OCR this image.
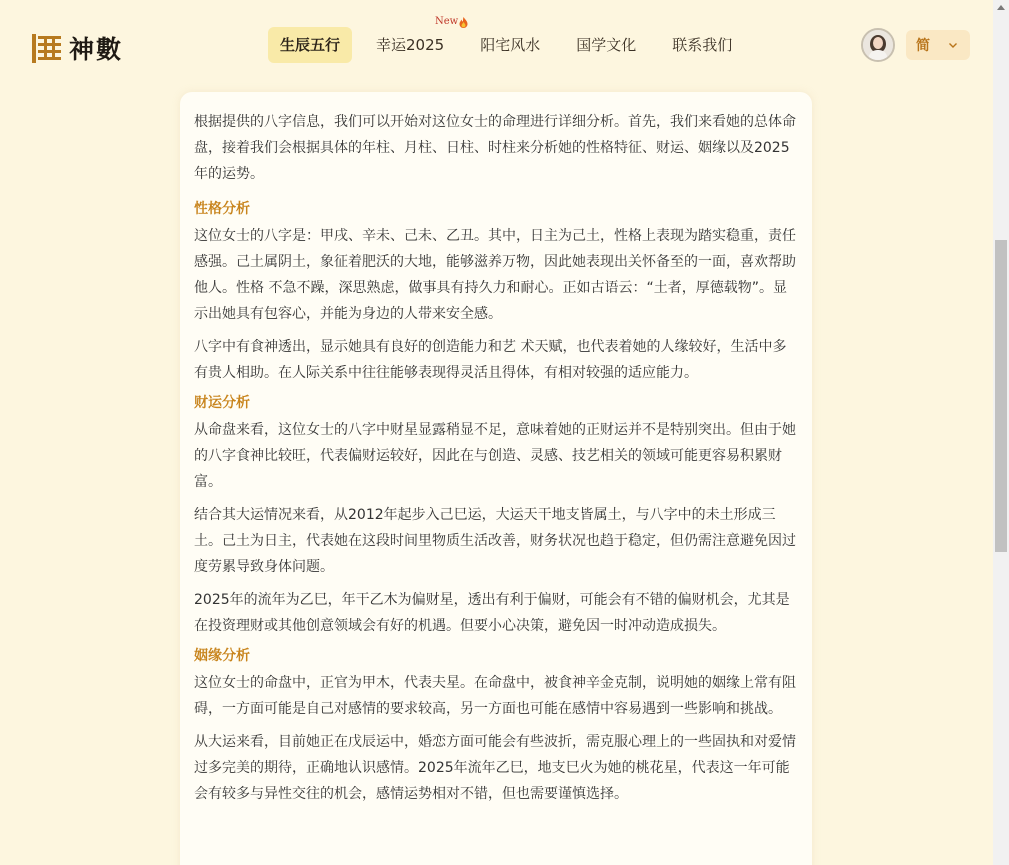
神數	生辰五行	幸运2025
New
阳宅风水	国学文化	联系我们	简

根据提供的八字信息，我们可以开始对这位女士的命理进行详细分析。首先，我们来看她的总体命盘，接着我们会根据具体的年柱、月柱、日柱、时柱来分析她的性格特征、财运、姻缘以及2025年的运势。

性格分析

这位女士的八字是：甲戌、辛未、己未、乙丑。其中，日主为己土，性格上表现为踏实稳重，责任感强。己土属阴土，象征着肥沃的大地，能够滋养万物，因此她表现出关怀备至的一面，喜欢帮助他人。性格 不急不躁，深思熟虑，做事具有持久力和耐心。正如古语云：“土者，厚德载物”。显示出她具有包容心，并能为身边的人带来安全感。

八字中有食神透出，显示她具有良好的创造能力和艺 术天赋，也代表着她的人缘较好，生活中多有贵人相助。在人际关系中往往能够表现得灵活且得体，有相对较强的适应能力。

财运分析

从命盘来看，这位女士的八字中财星显露稍显不足，意味着她的正财运并不是特别突出。但由于她的八字食神比较旺，代表偏财运较好，因此在与创造、灵感、技艺相关的领域可能更容易积累财富。

结合其大运情况来看，从2012年起步入己巳运，大运天干地支皆属土，与八字中的未土形成三土。己土为日主，代表她在这段时间里物质生活改善，财务状况也趋于稳定，但仍需注意避免因过度劳累导致身体问题。

2025年的流年为乙巳，年干乙木为偏财星，透出有利于偏财，可能会有不错的偏财机会，尤其是在投资理财或其他创意领域会有好的机遇。但要小心决策，避免因一时冲动造成损失。

姻缘分析

这位女士的命盘中，正官为甲木，代表夫星。在命盘中，被食神辛金克制，说明她的姻缘上常有阻碍，一方面可能是自己对感情的要求较高，另一方面也可能在感情中容易遇到一些影响和挑战。

从大运来看，目前她正在戊辰运中，婚恋方面可能会有些波折，需克服心理上的一些固执和对爱情过多完美的期待，正确地认识感情。2025年流年乙巳，地支巳火为她的桃花星，代表这一年可能会有较多与异性交往的机会，感情运势相对不错，但也需要谨慎选择。
